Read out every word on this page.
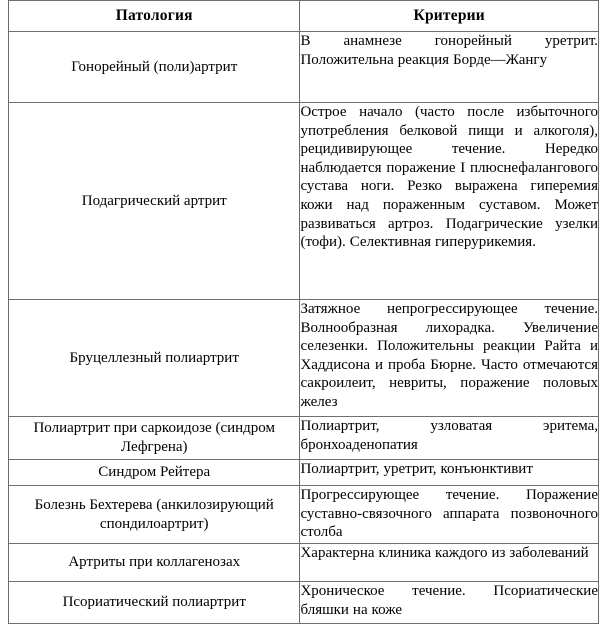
Патология	Критерии
Гонорейный (поли)артрит	В анамнезе гонорейный уретрит. Положительна реакция Борде—Жангу

Подагрический артрит	Острое начало (часто после избыточного употребления белковой пищи и алкоголя), рецидивирующее течение. Нередко наблюдается поражение I плюснефалангового сустава ноги. Резко выражена гиперемия кожи над пораженным суставом. Может развиваться артроз. Подагрические узелки (тофи). Селективная гиперурикемия.

Бруцеллезный полиартрит	Затяжное непрогрессирующее течение. Волнообразная лихорадка. Увеличение селезенки. Положительны реакции Райта и Хаддисона и проба Бюрне. Часто отмечаются сакроилеит, невриты, поражение половых желез

Полиартрит при саркоидозе (синдром Лефгрена)	Полиартрит, узловатая эритема, бронхоаденопатия

Синдром Рейтера	Полиартрит, уретрит, конъюнктивит

Болезнь Бехтерева (анкилозирующий спондилоартрит)	Прогрессирующее течение. Поражение суставно-связочного аппарата позвоночного столба

Артриты при коллагенозах	Характерна клиника каждого из заболеваний

Псориатический полиартрит	Хроническое течение. Псориатические бляшки на коже
